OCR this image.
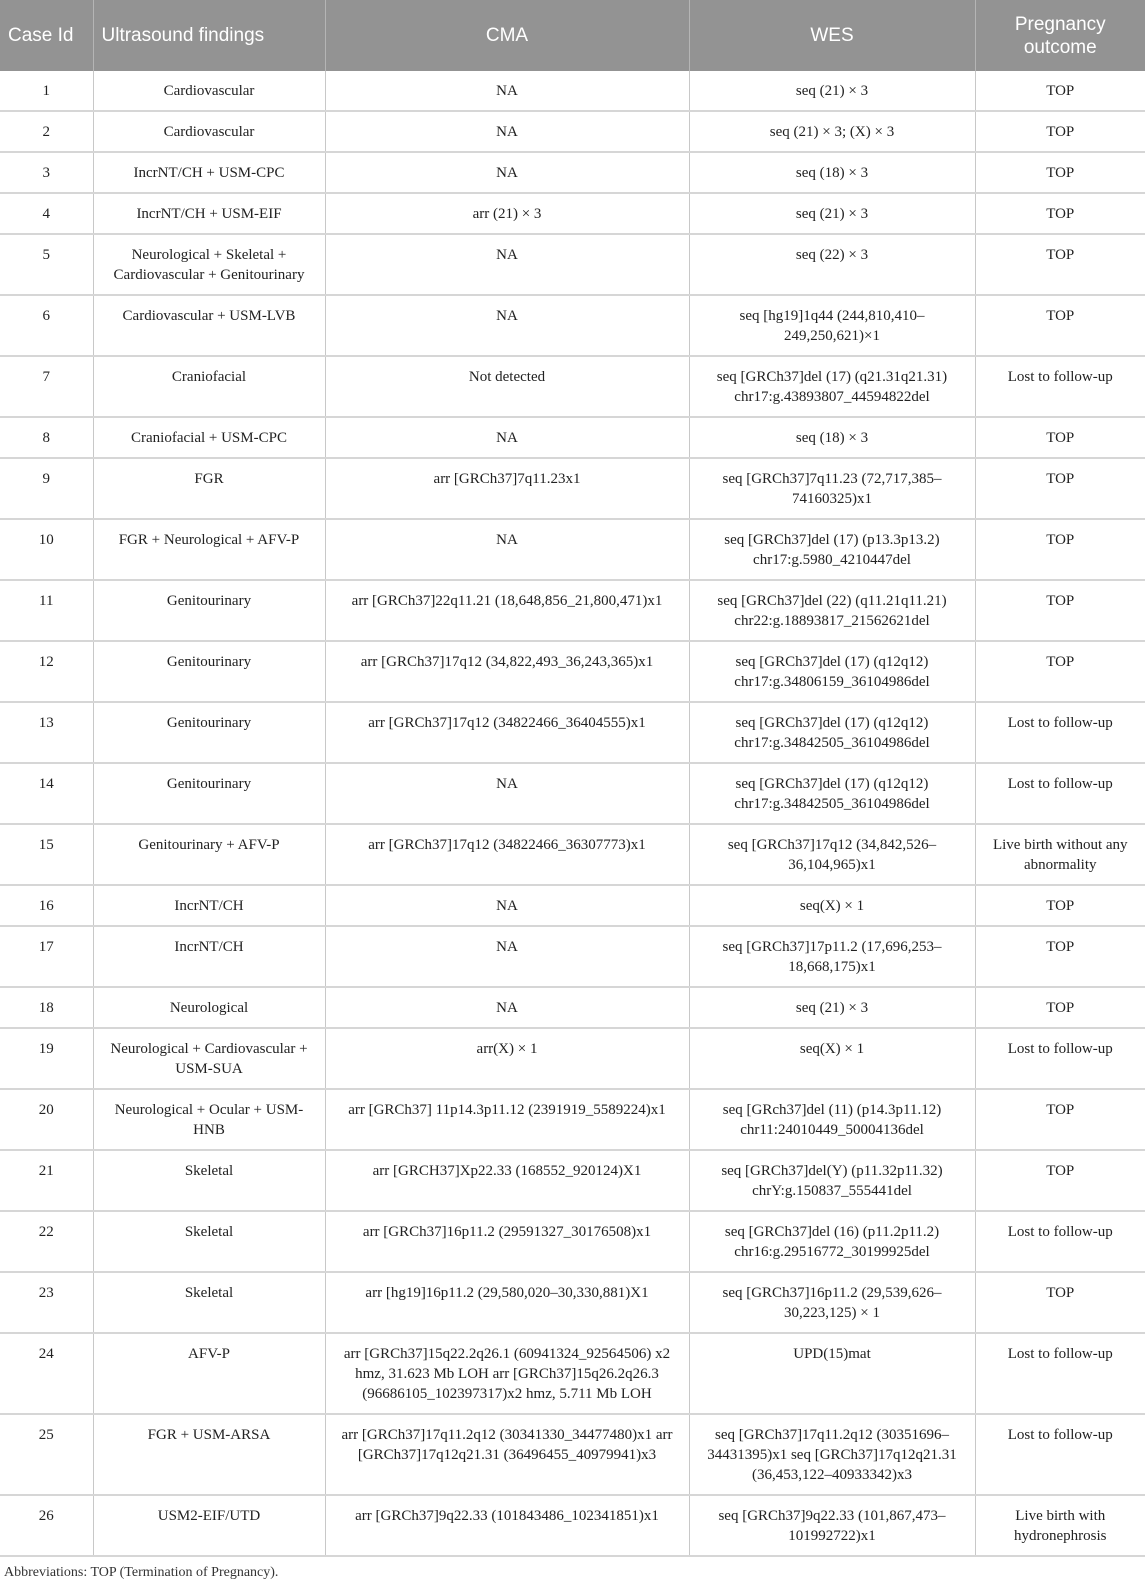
Case Id	Ultrasound findings	CMA	WES	Pregnancy outcome
1	Cardiovascular	NA	seq (21) × 3	TOP
2	Cardiovascular	NA	seq (21) × 3; (X) × 3	TOP
3	IncrNT/CH + USM-CPC	NA	seq (18) × 3	TOP
4	IncrNT/CH + USM-EIF	arr (21) × 3	seq (21) × 3	TOP
5	Neurological + Skeletal + Cardiovascular + Genitourinary	NA	seq (22) × 3	TOP
6	Cardiovascular + USM-LVB	NA	seq [hg19]1q44 (244,810,410–249,250,621)×1	TOP
7	Craniofacial	Not detected	seq [GRCh37]del (17) (q21.31q21.31) chr17:g.43893807_44594822del	Lost to follow-up
8	Craniofacial + USM-CPC	NA	seq (18) × 3	TOP
9	FGR	arr [GRCh37]7q11.23x1	seq [GRCh37]7q11.23 (72,717,385–74160325)x1	TOP
10	FGR + Neurological + AFV-P	NA	seq [GRCh37]del (17) (p13.3p13.2) chr17:g.5980_4210447del	TOP
11	Genitourinary	arr [GRCh37]22q11.21 (18,648,856_21,800,471)x1	seq [GRCh37]del (22) (q11.21q11.21) chr22:g.18893817_21562621del	TOP
12	Genitourinary	arr [GRCh37]17q12 (34,822,493_36,243,365)x1	seq [GRCh37]del (17) (q12q12) chr17:g.34806159_36104986del	TOP
13	Genitourinary	arr [GRCh37]17q12 (34822466_36404555)x1	seq [GRCh37]del (17) (q12q12) chr17:g.34842505_36104986del	Lost to follow-up
14	Genitourinary	NA	seq [GRCh37]del (17) (q12q12) chr17:g.34842505_36104986del	Lost to follow-up
15	Genitourinary + AFV-P	arr [GRCh37]17q12 (34822466_36307773)x1	seq [GRCh37]17q12 (34,842,526–36,104,965)x1	Live birth without any abnormality
16	IncrNT/CH	NA	seq(X) × 1	TOP
17	IncrNT/CH	NA	seq [GRCh37]17p11.2 (17,696,253–18,668,175)x1	TOP
18	Neurological	NA	seq (21) × 3	TOP
19	Neurological + Cardiovascular + USM-SUA	arr(X) × 1	seq(X) × 1	Lost to follow-up
20	Neurological + Ocular + USM-HNB	arr [GRCh37] 11p14.3p11.12 (2391919_5589224)x1	seq [GRch37]del (11) (p14.3p11.12) chr11:24010449_50004136del	TOP
21	Skeletal	arr [GRCH37]Xp22.33 (168552_920124)X1	seq [GRCh37]del(Y) (p11.32p11.32) chrY:g.150837_555441del	TOP
22	Skeletal	arr [GRCh37]16p11.2 (29591327_30176508)x1	seq [GRCh37]del (16) (p11.2p11.2) chr16:g.29516772_30199925del	Lost to follow-up
23	Skeletal	arr [hg19]16p11.2 (29,580,020–30,330,881)X1	seq [GRCh37]16p11.2 (29,539,626–30,223,125) × 1	TOP
24	AFV-P	arr [GRCh37]15q22.2q26.1 (60941324_92564506) x2 hmz, 31.623 Mb LOH arr [GRCh37]15q26.2q26.3 (96686105_102397317)x2 hmz, 5.711 Mb LOH	UPD(15)mat	Lost to follow-up
25	FGR + USM-ARSA	arr [GRCh37]17q11.2q12 (30341330_34477480)x1 arr [GRCh37]17q12q21.31 (36496455_40979941)x3	seq [GRCh37]17q11.2q12 (30351696–34431395)x1 seq [GRCh37]17q12q21.31 (36,453,122–40933342)x3	Lost to follow-up
26	USM2-EIF/UTD	arr [GRCh37]9q22.33 (101843486_102341851)x1	seq [GRCh37]9q22.33 (101,867,473–101992722)x1	Live birth with hydronephrosis
Abbreviations: TOP (Termination of Pregnancy).
